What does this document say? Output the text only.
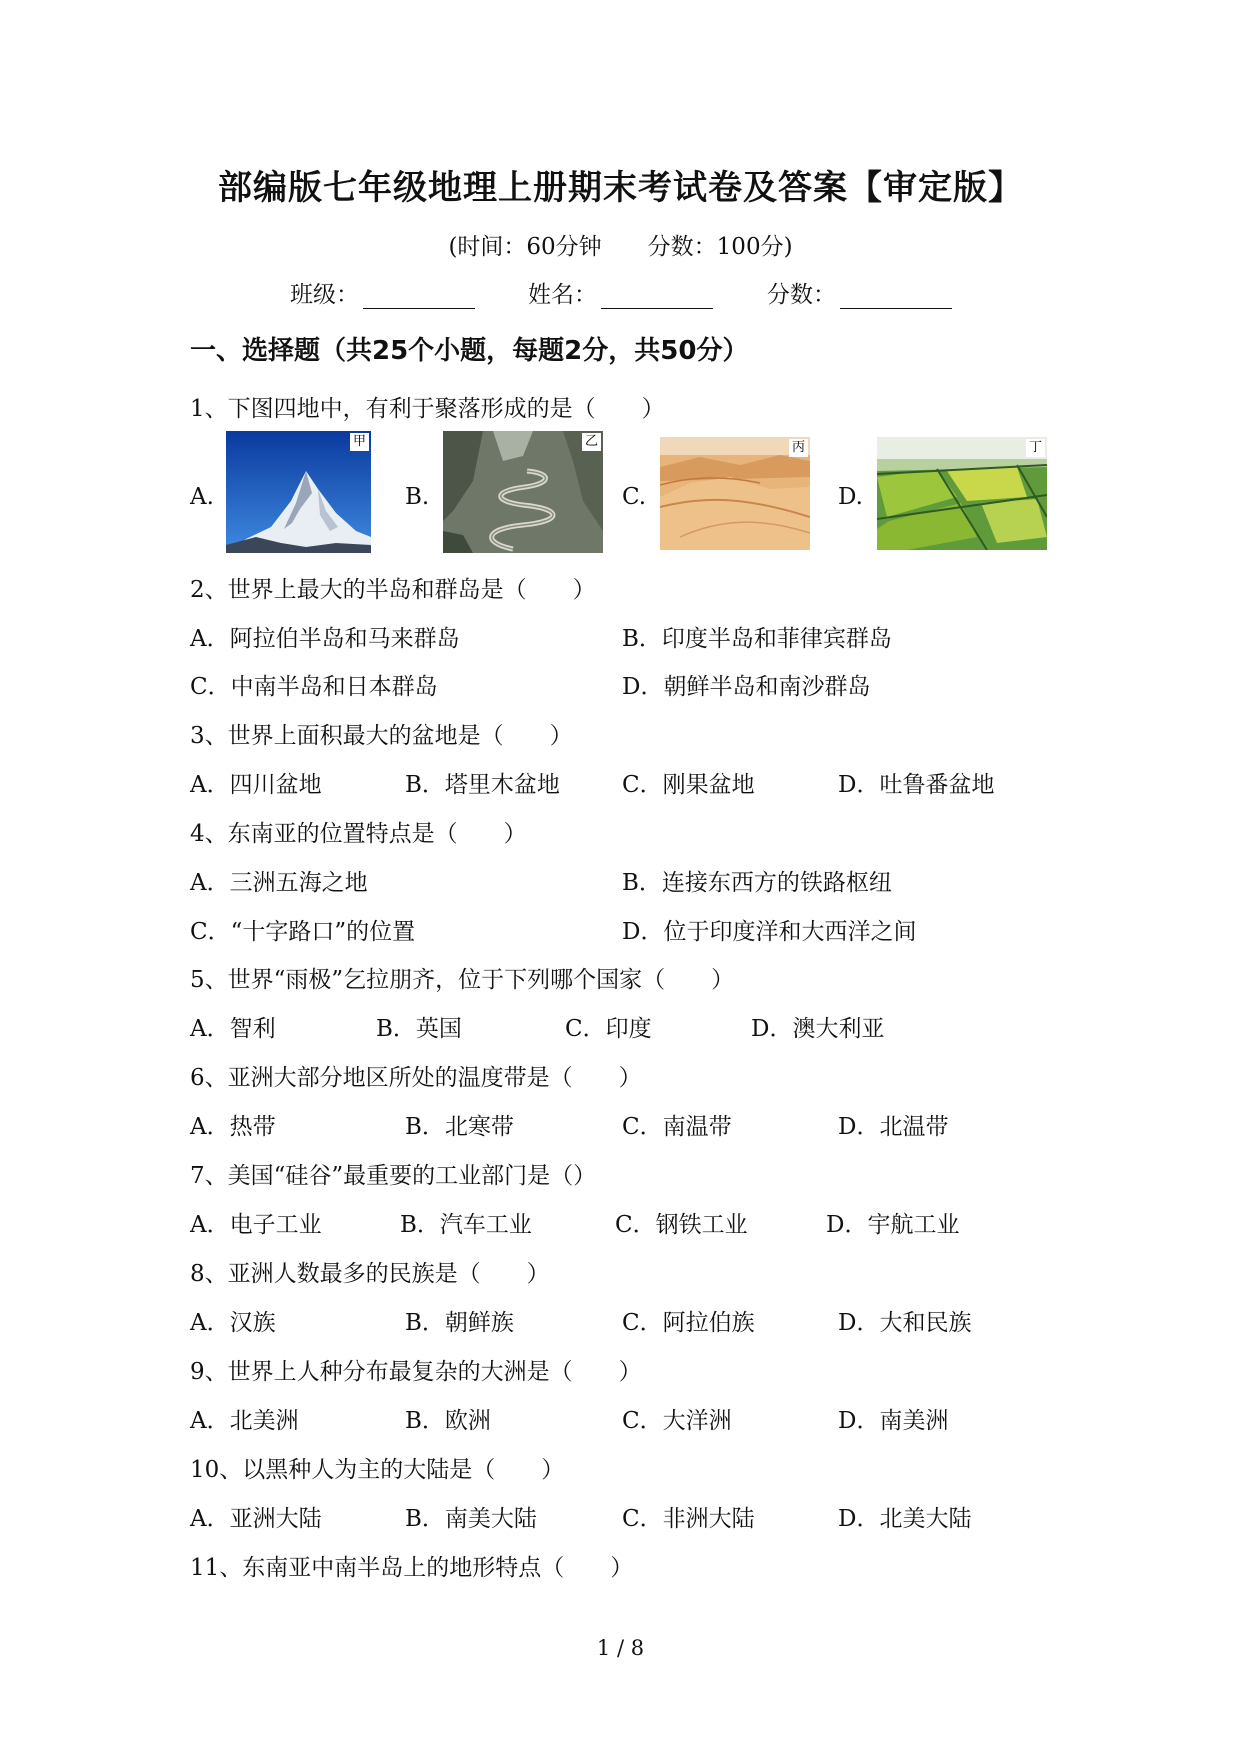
部编版七年级地理上册期末考试卷及答案【审定版】
(时间：60分钟　　分数：100分)
班级：	姓名：	分数：
一、选择题（共25个小题，每题2分，共50分）
1、下图四地中，有利于聚落形成的是（　　）
A.
甲
B.
乙
C.
丙
D.
丁
2、世界上最大的半岛和群岛是（　　）
A．阿拉伯半岛和马来群岛	B．印度半岛和菲律宾群岛
C．中南半岛和日本群岛	D．朝鲜半岛和南沙群岛
3、世界上面积最大的盆地是（　　）
A．四川盆地	B．塔里木盆地	C．刚果盆地	D．吐鲁番盆地
4、东南亚的位置特点是（　　）
A．三洲五海之地	B．连接东西方的铁路枢纽
C．“十字路口”的位置	D．位于印度洋和大西洋之间
5、世界“雨极”乞拉朋齐，位于下列哪个国家（　　）
A．智利	B．英国	C．印度	D．澳大利亚
6、亚洲大部分地区所处的温度带是（　　）
A．热带	B．北寒带	C．南温带	D．北温带
7、美国“硅谷”最重要的工业部门是（）
A．电子工业	B．汽车工业	C．钢铁工业	D．宇航工业
8、亚洲人数最多的民族是（　　）
A．汉族	B．朝鲜族	C．阿拉伯族	D．大和民族
9、世界上人种分布最复杂的大洲是（　　）
A．北美洲	B．欧洲	C．大洋洲	D．南美洲
10、以黑种人为主的大陆是（　　）
A．亚洲大陆	B．南美大陆	C．非洲大陆	D．北美大陆
11、东南亚中南半岛上的地形特点（　　）
1 / 8
